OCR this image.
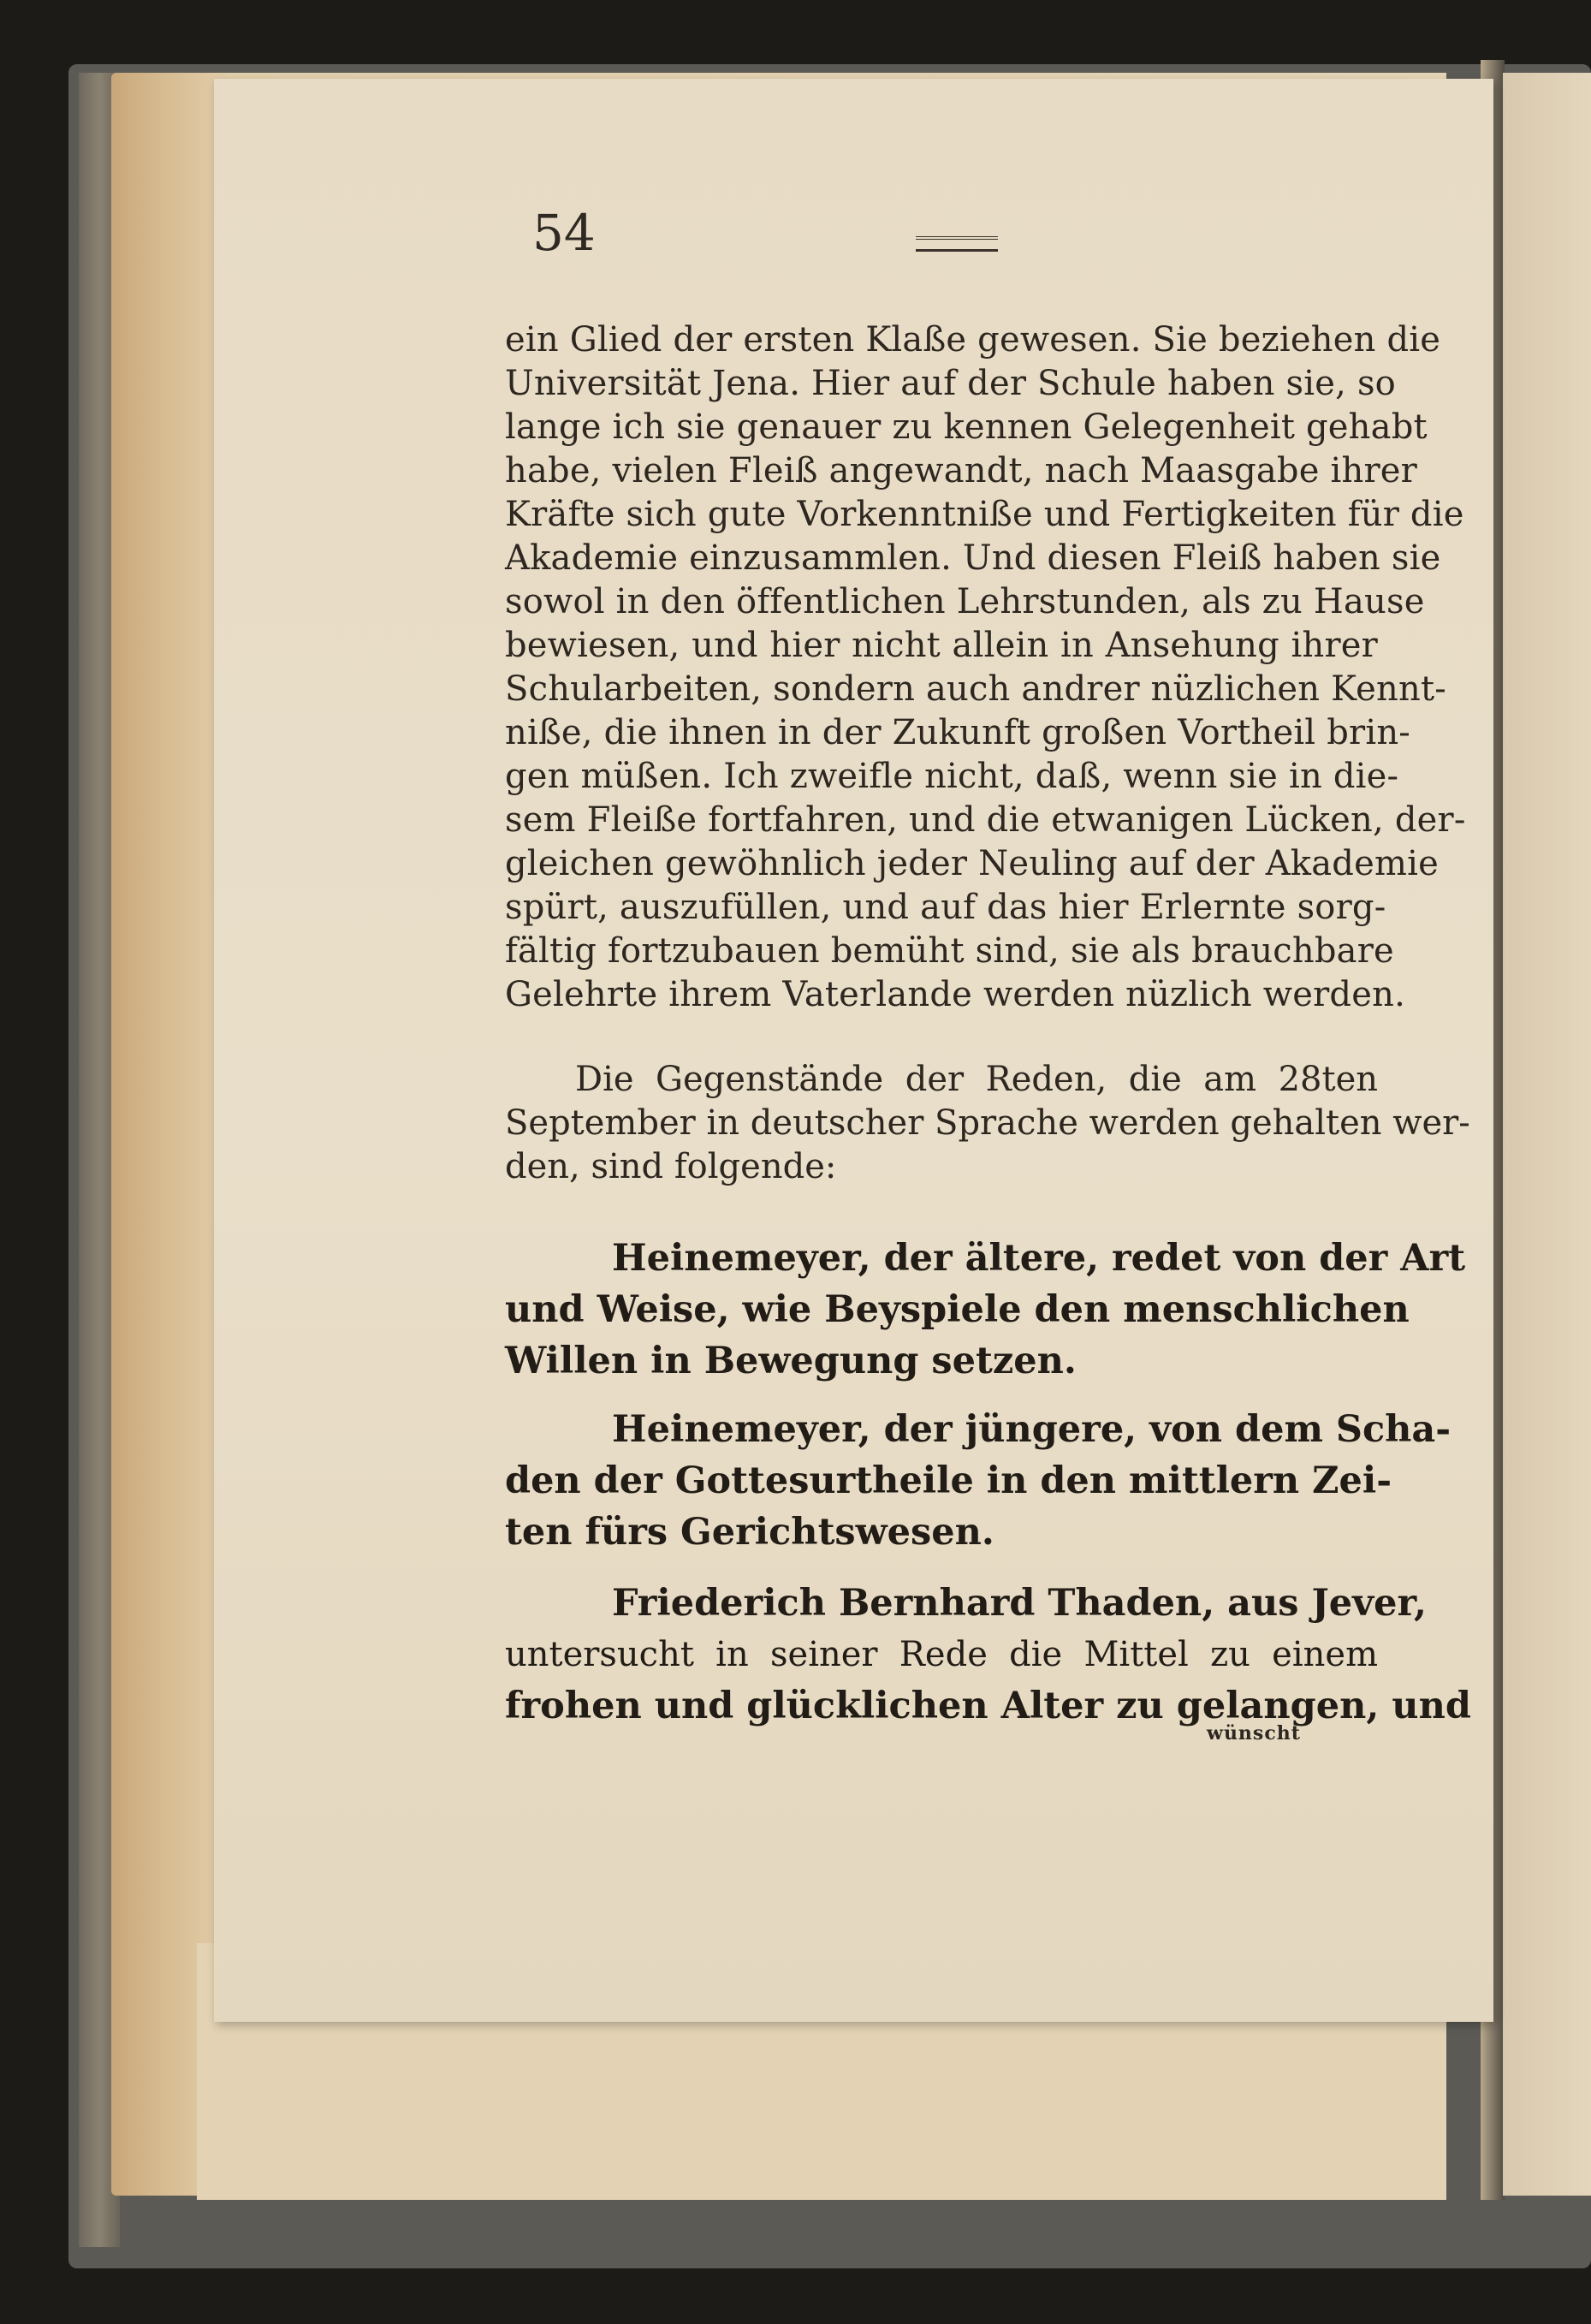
54

ein Glied der ersten Klaße gewesen. Sie beziehen die

Universität Jena. Hier auf der Schule haben sie, so

lange ich sie genauer zu kennen Gelegenheit gehabt

habe, vielen Fleiß angewandt, nach Maasgabe ihrer

Kräfte sich gute Vorkenntniße und Fertigkeiten für die

Akademie einzusammlen. Und diesen Fleiß haben sie

sowol in den öffentlichen Lehrstunden, als zu Hause

bewiesen, und hier nicht allein in Ansehung ihrer

Schularbeiten, sondern auch andrer nüzlichen Kennt-

niße, die ihnen in der Zukunft großen Vortheil brin-

gen müßen. Ich zweifle nicht, daß, wenn sie in die-

sem Fleiße fortfahren, und die etwanigen Lücken, der-

gleichen gewöhnlich jeder Neuling auf der Akademie

spürt, auszufüllen, und auf das hier Erlernte sorg-

fältig fortzubauen bemüht sind, sie als brauchbare

Gelehrte ihrem Vaterlande werden nüzlich werden.

Die Gegenstände der Reden, die am 28ten

September in deutscher Sprache werden gehalten wer-

den, sind folgende:

Heinemeyer, der ältere, redet von der Art

und Weise, wie Beyspiele den menschlichen

Willen in Bewegung setzen.

Heinemeyer, der jüngere, von dem Scha-

den der Gottesurtheile in den mittlern Zei-

ten fürs Gerichtswesen.

Friederich Bernhard Thaden, aus Jever,

untersucht in seiner Rede die Mittel zu einem

frohen und glücklichen Alter zu gelangen, und

wünscht
